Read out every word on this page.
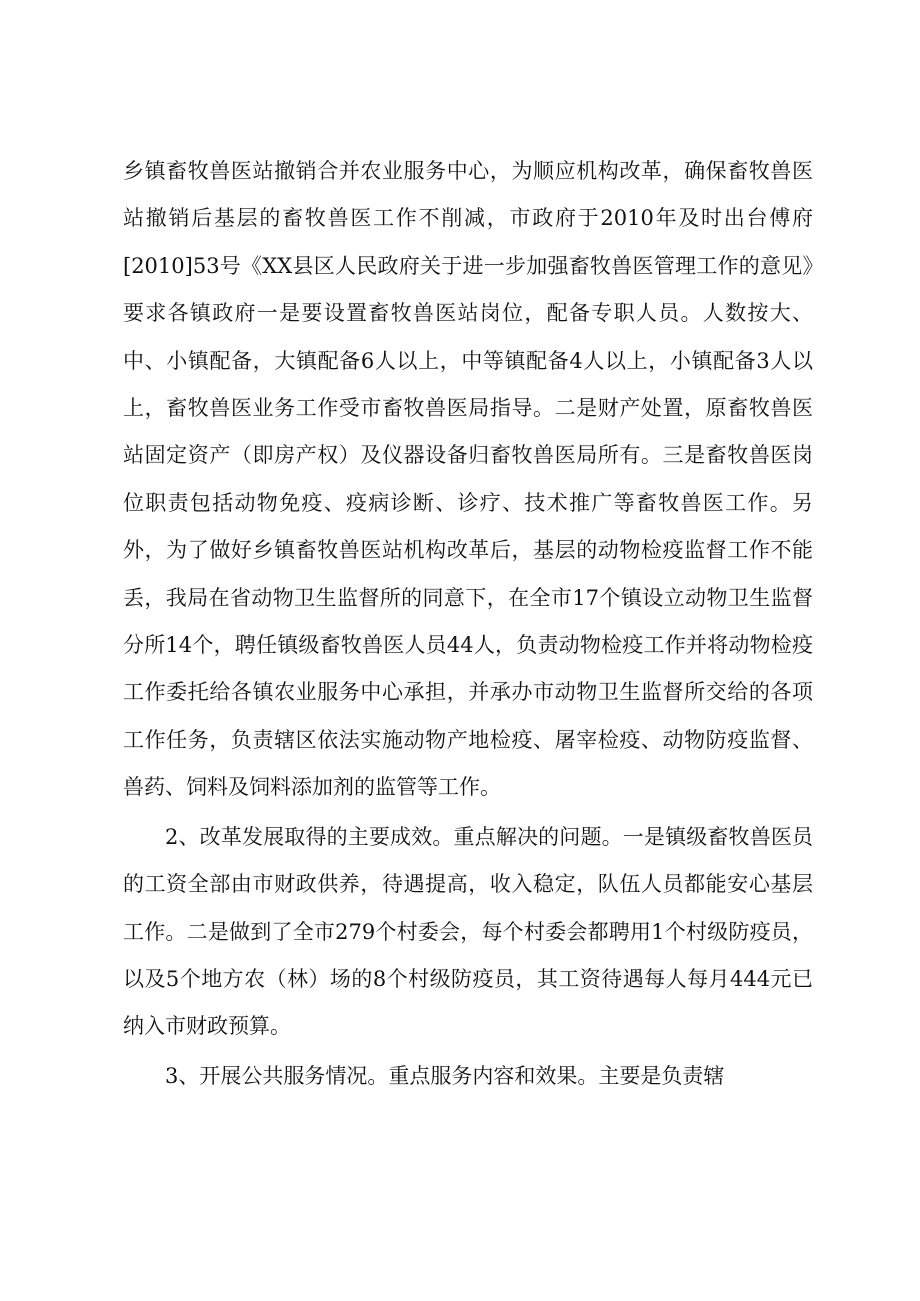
乡镇畜牧兽医站撤销合并农业服务中心，为顺应机构改革，确保畜牧兽医站撤销后基层的畜牧兽医工作不削减，市政府于2010年及时出台傅府[2010]53号《XX县区人民政府关于进一步加强畜牧兽医管理工作的意见》要求各镇政府一是要设置畜牧兽医站岗位，配备专职人员。人数按大、中、小镇配备，大镇配备6人以上，中等镇配备4人以上，小镇配备3人以上，畜牧兽医业务工作受市畜牧兽医局指导。二是财产处置，原畜牧兽医站固定资产（即房产权）及仪器设备归畜牧兽医局所有。三是畜牧兽医岗位职责包括动物免疫、疫病诊断、诊疗、技术推广等畜牧兽医工作。另外，为了做好乡镇畜牧兽医站机构改革后，基层的动物检疫监督工作不能丢，我局在省动物卫生监督所的同意下，在全市17个镇设立动物卫生监督分所14个，聘任镇级畜牧兽医人员44人，负责动物检疫工作并将动物检疫工作委托给各镇农业服务中心承担，并承办市动物卫生监督所交给的各项工作任务，负责辖区依法实施动物产地检疫、屠宰检疫、动物防疫监督、兽药、饲料及饲料添加剂的监管等工作。

2、改革发展取得的主要成效。重点解决的问题。一是镇级畜牧兽医员的工资全部由市财政供养，待遇提高，收入稳定，队伍人员都能安心基层工作。二是做到了全市279个村委会，每个村委会都聘用1个村级防疫员，以及5个地方农（林）场的8个村级防疫员，其工资待遇每人每月444元已纳入市财政预算。

3、开展公共服务情况。重点服务内容和效果。主要是负责辖
